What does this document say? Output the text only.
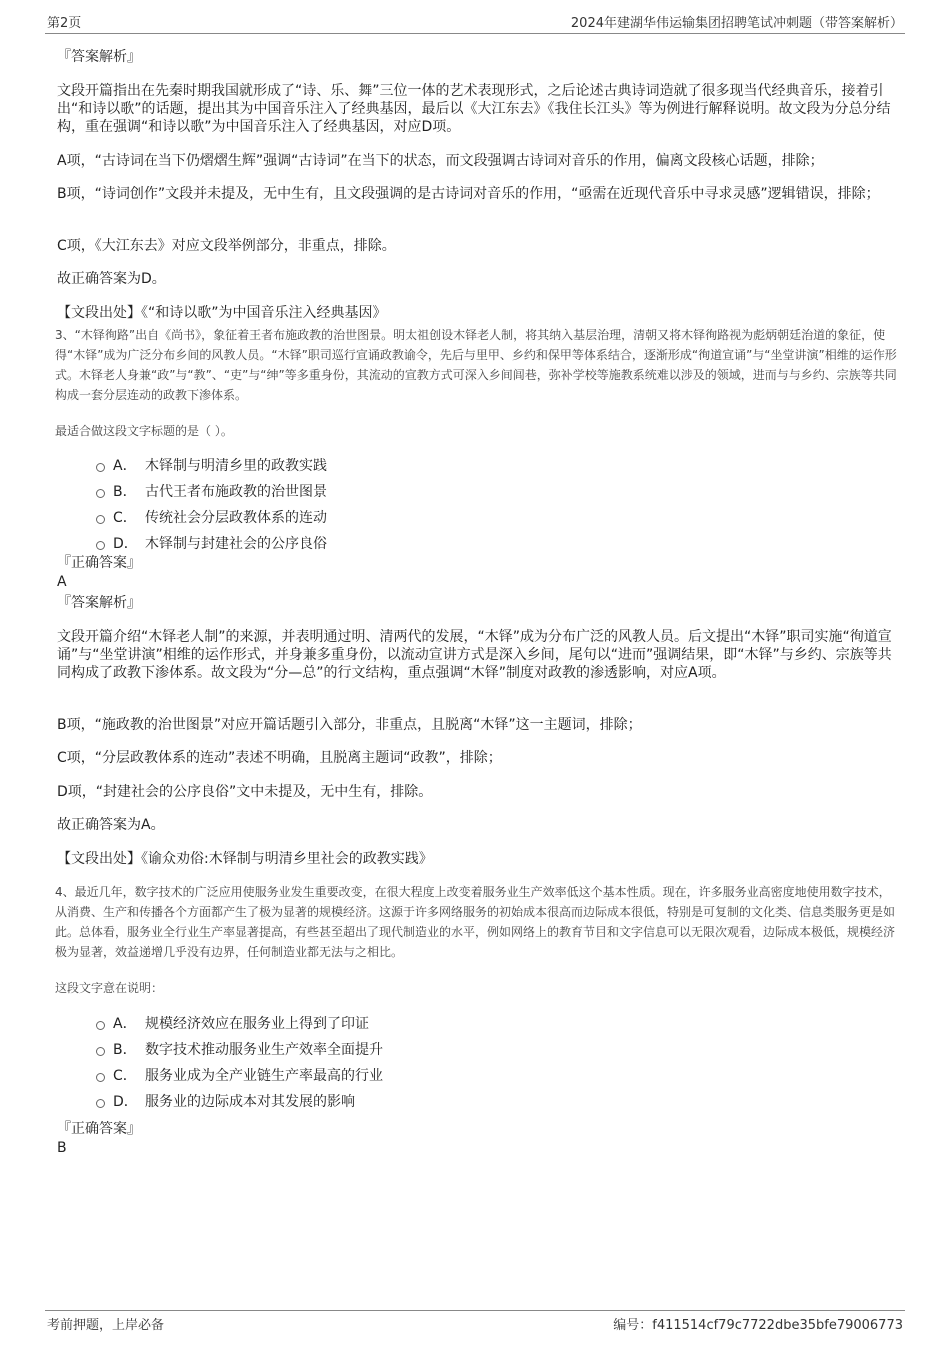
第2页	2024年建湖华伟运输集团招聘笔试冲刺题（带答案解析）
『答案解析』
文段开篇指出在先秦时期我国就形成了“诗、乐、舞”三位一体的艺术表现形式，之后论述古典诗词造就了很多现当代经典音乐，接着引出“和诗以歌”的话题，提出其为中国音乐注入了经典基因，最后以《大江东去》《我住长江头》等为例进行解释说明。故文段为分总分结构，重在强调“和诗以歌”为中国音乐注入了经典基因，对应D项。
A项，“古诗词在当下仍熠熠生辉”强调“古诗词”在当下的状态，而文段强调古诗词对音乐的作用，偏离文段核心话题，排除；
B项，“诗词创作”文段并未提及，无中生有，且文段强调的是古诗词对音乐的作用，“亟需在近现代音乐中寻求灵感”逻辑错误，排除；
C项，《大江东去》对应文段举例部分，非重点，排除。
故正确答案为D。
【文段出处】《“和诗以歌”为中国音乐注入经典基因》
3、“木铎徇路”出自《尚书》，象征着王者布施政教的治世图景。明太祖创设木铎老人制，将其纳入基层治理，清朝又将木铎徇路视为彪炳朝廷治道的象征，使得“木铎”成为广泛分布乡间的风教人员。“木铎”职司巡行宣诵政教谕令，先后与里甲、乡约和保甲等体系结合，逐渐形成“徇道宣诵”与“坐堂讲演”相维的运作形式。木铎老人身兼“政”与“教”、“吏”与“绅”等多重身份，其流动的宣教方式可深入乡间闾巷，弥补学校等施教系统难以涉及的领域，进而与与乡约、宗族等共同构成一套分层连动的政教下渗体系。
最适合做这段文字标题的是（ ）。
A． 木铎制与明清乡里的政教实践
B． 古代王者布施政教的治世图景
C． 传统社会分层政教体系的连动
D． 木铎制与封建社会的公序良俗
『正确答案』
A
『答案解析』
文段开篇介绍“木铎老人制”的来源，并表明通过明、清两代的发展，“木铎”成为分布广泛的风教人员。后文提出“木铎”职司实施“徇道宣诵”与“坐堂讲演”相维的运作形式，并身兼多重身份，以流动宣讲方式是深入乡间，尾句以“进而”强调结果，即“木铎”与乡约、宗族等共同构成了政教下渗体系。故文段为“分—总”的行文结构，重点强调“木铎”制度对政教的渗透影响，对应A项。
B项，“施政教的治世图景”对应开篇话题引入部分，非重点，且脱离“木铎”这一主题词，排除；
C项，“分层政教体系的连动”表述不明确，且脱离主题词“政教”，排除；
D项，“封建社会的公序良俗”文中未提及，无中生有，排除。
故正确答案为A。
【文段出处】《谕众劝俗:木铎制与明清乡里社会的政教实践》
4、最近几年，数字技术的广泛应用使服务业发生重要改变，在很大程度上改变着服务业生产效率低这个基本性质。现在，许多服务业高密度地使用数字技术，从消费、生产和传播各个方面都产生了极为显著的规模经济。这源于许多网络服务的初始成本很高而边际成本很低，特别是可复制的文化类、信息类服务更是如此。总体看，服务业全行业生产率显著提高，有些甚至超出了现代制造业的水平，例如网络上的教育节目和文字信息可以无限次观看，边际成本极低，规模经济极为显著，效益递增几乎没有边界，任何制造业都无法与之相比。
这段文字意在说明：
A． 规模经济效应在服务业上得到了印证
B． 数字技术推动服务业生产效率全面提升
C． 服务业成为全产业链生产率最高的行业
D． 服务业的边际成本对其发展的影响
『正确答案』
B
考前押题，上岸必备	编号：f411514cf79c7722dbe35bfe79006773
